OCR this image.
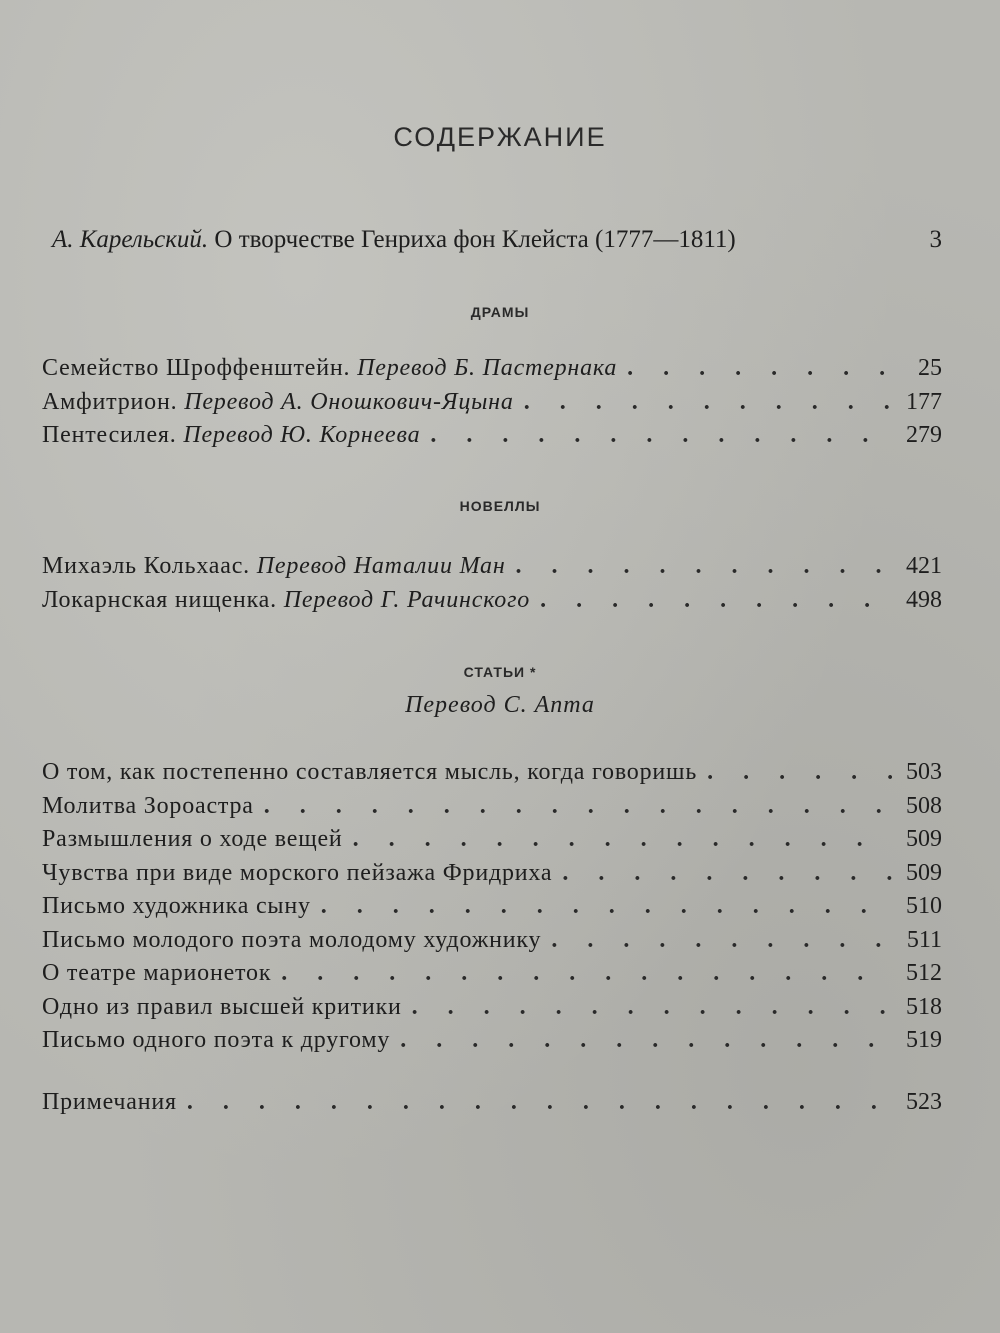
СОДЕРЖАНИЕ
А. Карельский. О творчестве Генриха фон Клейста (1777—1811)	3
ДРАМЫ
Семейство Шроффенштейн. Перевод Б. Пастернака . . .	25
Амфитрион. Перевод А. Оношкович-Яцына . . .	177
Пентесилея. Перевод Ю. Корнеева . . .	279
НОВЕЛЛЫ
Михаэль Кольхаас. Перевод Наталии Ман . . .	421
Локарнская нищенка. Перевод Г. Рачинского . . .	498
СТАТЬИ *
Перевод С. Апта
О том, как постепенно составляется мысль, когда говоришь . . .	503
Молитва Зороастра . . .	508
Размышления о ходе вещей . . .	509
Чувства при виде морского пейзажа Фридриха . . .	509
Письмо художника сыну . . .	510
Письмо молодого поэта молодому художнику . . .	511
О театре марионеток . . .	512
Одно из правил высшей критики . . .	518
Письмо одного поэта к другому . . .	519
Примечания . . .	523
